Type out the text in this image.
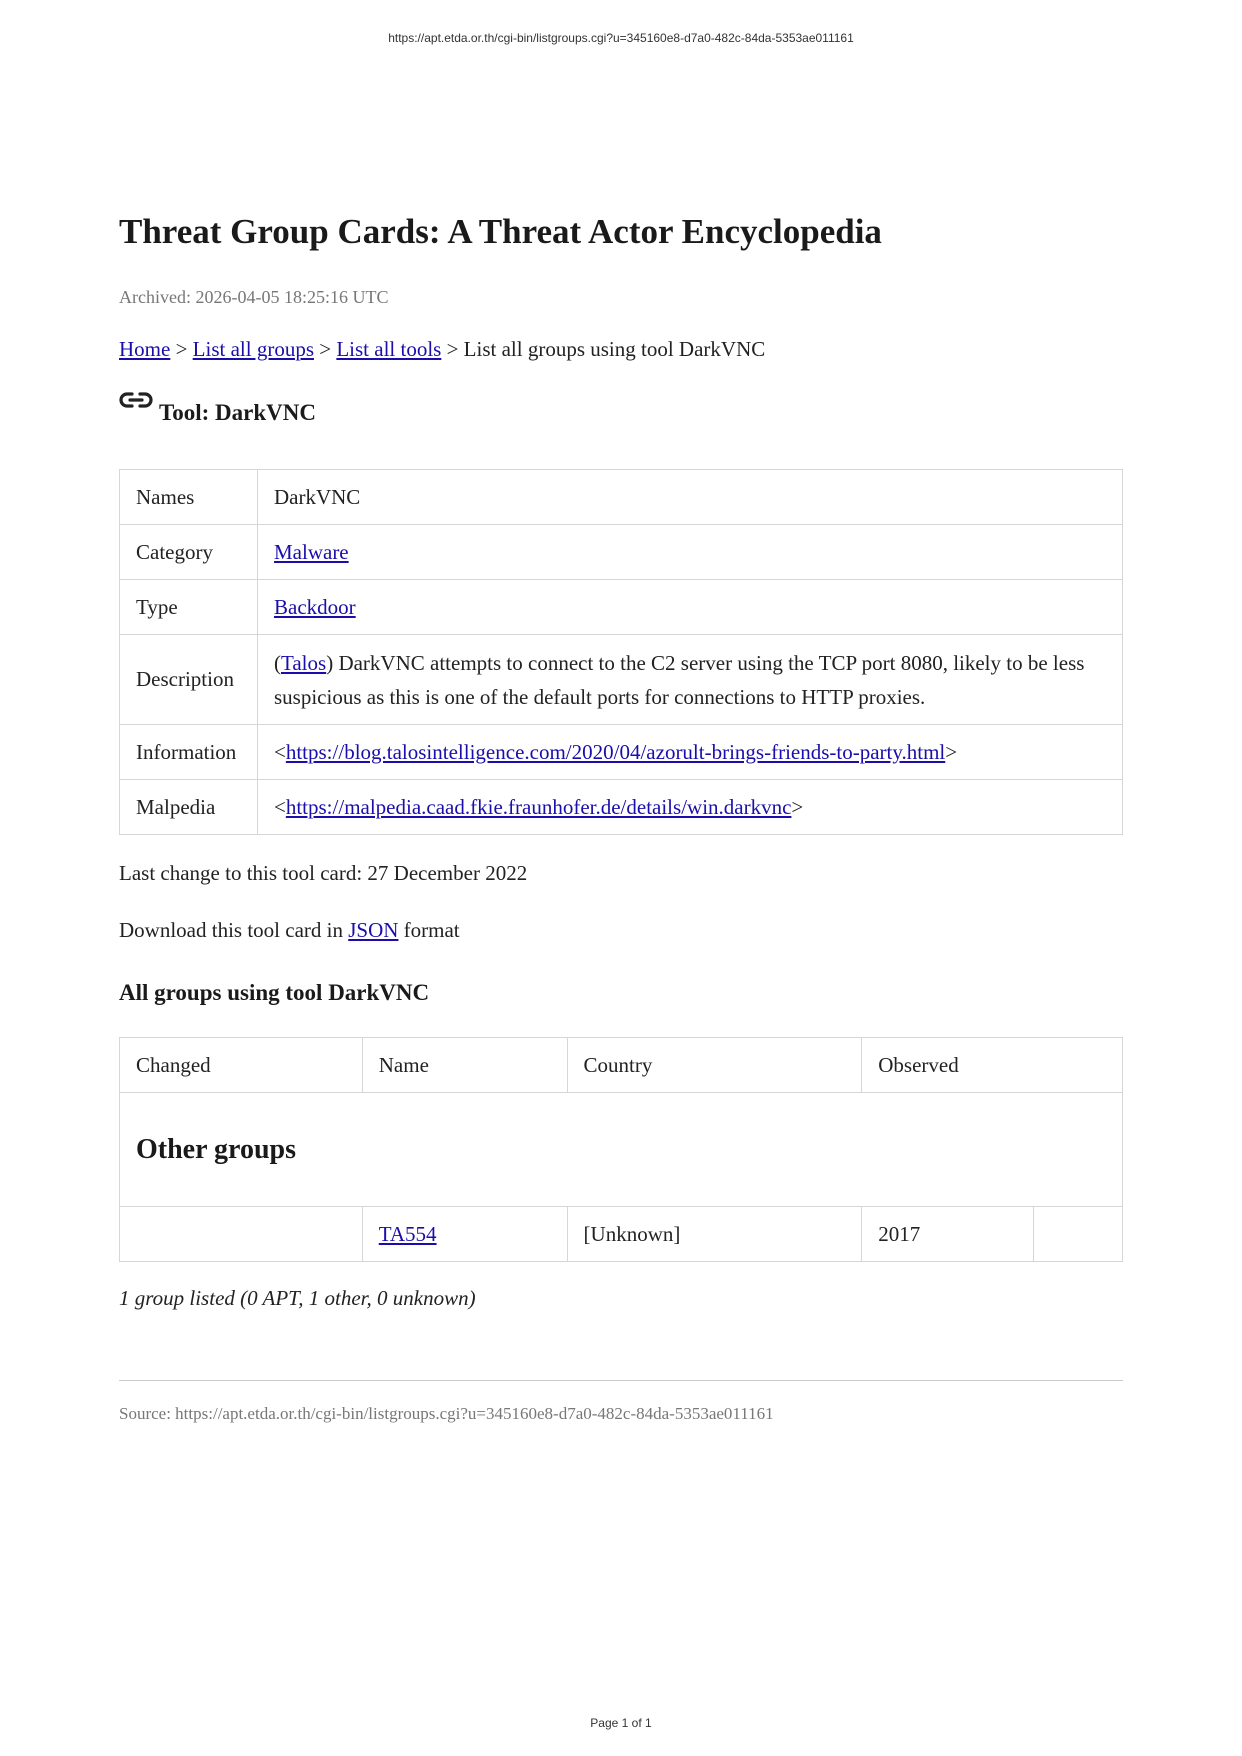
https://apt.etda.or.th/cgi-bin/listgroups.cgi?u=345160e8-d7a0-482c-84da-5353ae011161
Threat Group Cards: A Threat Actor Encyclopedia
Archived: 2026-04-05 18:25:16 UTC
Home > List all groups > List all tools > List all groups using tool DarkVNC
Tool: DarkVNC
Names	DarkVNC
Category	Malware
Type	Backdoor
Description	(Talos) DarkVNC attempts to connect to the C2 server using the TCP port 8080, likely to be less suspicious as this is one of the default ports for connections to HTTP proxies.
Information	<https://blog.talosintelligence.com/2020/04/azorult-brings-friends-to-party.html>
Malpedia	<https://malpedia.caad.fkie.fraunhofer.de/details/win.darkvnc>
Last change to this tool card: 27 December 2022
Download this tool card in JSON format
All groups using tool DarkVNC
Changed	Name	Country	Observed	
Other groups				
	TA554	[Unknown]	2017	
1 group listed (0 APT, 1 other, 0 unknown)
Source: https://apt.etda.or.th/cgi-bin/listgroups.cgi?u=345160e8-d7a0-482c-84da-5353ae011161
Page 1 of 1
